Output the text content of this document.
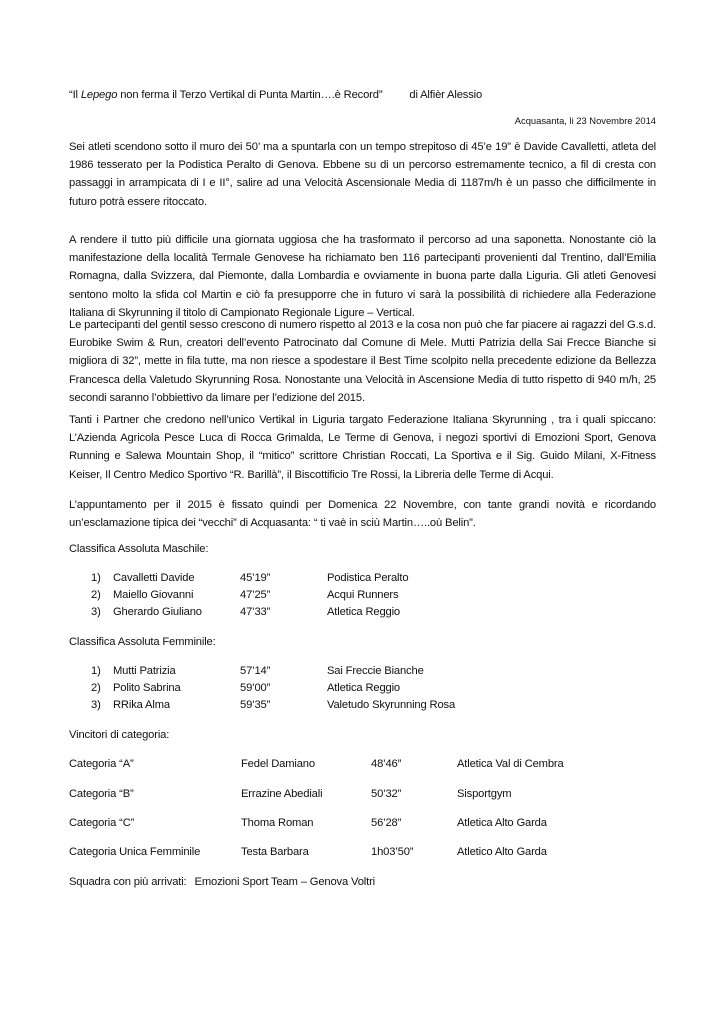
“Il Lepego non ferma il Terzo Vertikal di Punta Martin….è Record” di Alfièr Alessio
Acquasanta, li 23 Novembre 2014

Sei atleti scendono sotto il muro dei 50’ ma a spuntarla con un tempo strepitoso di 45’e 19” è Davide Cavalletti, atleta del 1986 tesserato per la Podistica Peralto di Genova. Ebbene su di un percorso estremamente tecnico, a fil di cresta con passaggi in arrampicata di I e II°, salire ad una Velocità Ascensionale Media di 1187m/h è un passo che difficilmente in futuro potrà essere ritoccato.

A rendere il tutto più difficile una giornata uggiosa che ha trasformato il percorso ad una saponetta. Nonostante ciò la manifestazione della località Termale Genovese ha richiamato ben 116 partecipanti provenienti dal Trentino, dall’Emilia Romagna, dalla Svizzera, dal Piemonte, dalla Lombardia e ovviamente in buona parte dalla Liguria. Gli atleti Genovesi sentono molto la sfida col Martin e ciò fa presupporre che in futuro vi sarà la possibilità di richiedere alla Federazione Italiana di Skyrunning il titolo di Campionato Regionale Ligure – Vertical.

Le partecipanti del gentil sesso crescono di numero rispetto al 2013 e la cosa non può che far piacere ai ragazzi del G.s.d. Eurobike Swim & Run, creatori dell’evento Patrocinato dal Comune di Mele. Mutti Patrizia della Sai Frecce Bianche si migliora di 32”, mette in fila tutte, ma non riesce a spodestare il Best Time scolpito nella precedente edizione da Bellezza Francesca della Valetudo Skyrunning Rosa. Nonostante una Velocità in Ascensione Media di tutto rispetto di 940 m/h, 25 secondi saranno l’obbiettivo da limare per l’edizione del 2015.

Tanti i Partner che credono nell’unico Vertikal in Liguria targato Federazione Italiana Skyrunning , tra i quali spiccano: L’Azienda Agricola Pesce Luca di Rocca Grimalda, Le Terme di Genova, i negozi sportivi di Emozioni Sport, Genova Running e Salewa Mountain Shop, il “mitico” scrittore Christian Roccati, La Sportiva e il Sig. Guido Milani, X-Fitness Keiser, Il Centro Medico Sportivo “R. Barillà”, il Biscottificio Tre Rossi, la Libreria delle Terme di Acqui.

L’appuntamento per il 2015 è fissato quindi per Domenica 22 Novembre, con tante grandi novità e ricordando un’esclamazione tipica dei “vecchi” di Acquasanta: “ ti vaè in sciù Martin…..où Belin”.

Classifica Assoluta Maschile:
1) Cavalletti Davide	45’19”	Podistica Peralto
2) Maiello Giovanni	47’25”	Acqui Runners
3) Gherardo Giuliano	47’33”	Atletica Reggio
Classifica Assoluta Femminile:
1) Mutti Patrizia	57’14”	Sai Freccie Bianche
2) Polito Sabrina	59’00”	Atletica Reggio
3) RRika Alma	59’35”	Valetudo Skyrunning Rosa
Vincitori di categoria:
Categoria “A”	Fedel Damiano	48’46”	Atletica Val di Cembra
Categoria “B”	Errazine Abediali	50’32”	Sisportgym
Categoria “C”	Thoma Roman	56’28”	Atletica Alto Garda
Categoria Unica Femminile	Testa Barbara	1h03’50”	Atletico Alto Garda
Squadra con più arrivati: Emozioni Sport Team – Genova Voltri
